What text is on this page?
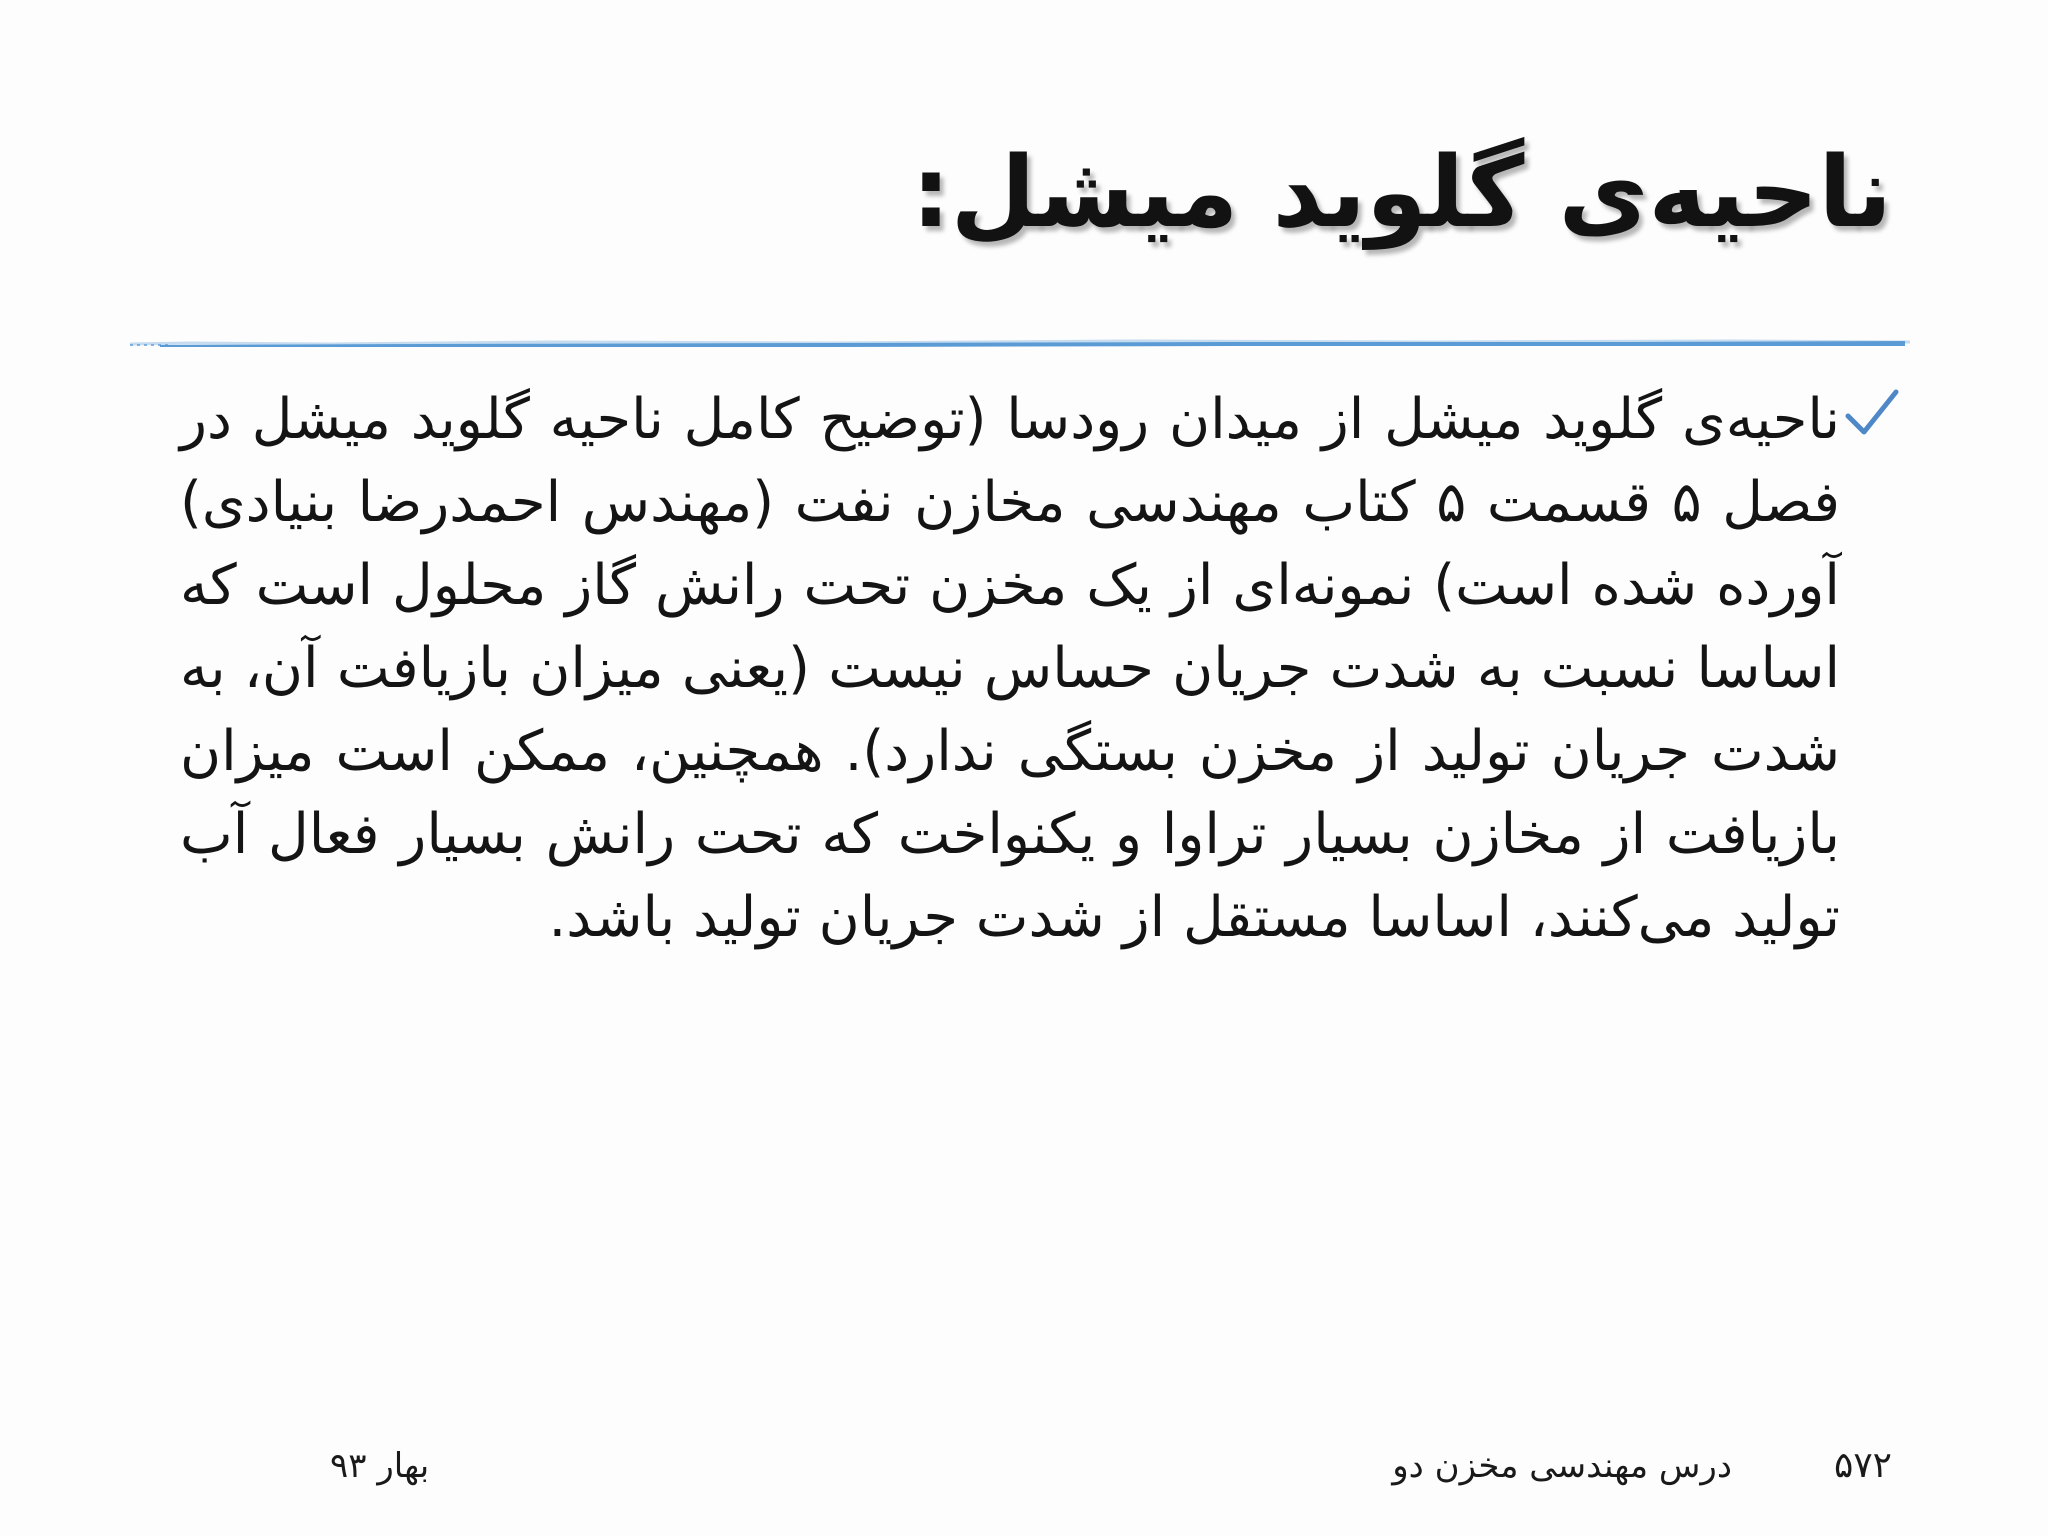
ناحیه‌ی گلوید میشل:

ناحیه‌ی گلوید میشل از میدان رودسا (توضیح کامل ناحیه گلوید میشل در فصل ۵ قسمت ۵ کتاب مهندسی مخازن نفت (مهندس احمدرضا بنیادی) آورده شده است) نمونه‌ای از یک مخزن تحت رانش گاز محلول است که اساسا نسبت به شدت جریان حساس نیست (یعنی میزان بازیافت آن، به شدت جریان تولید از مخزن بستگی ندارد). همچنین، ممکن است میزان بازیافت از مخازن بسیار تراوا و یکنواخت که تحت رانش بسیار فعال آب تولید می‌کنند، اساسا مستقل از شدت جریان تولید باشد.

۵۷۲
درس مهندسی مخزن دو
بهار ۹۳
